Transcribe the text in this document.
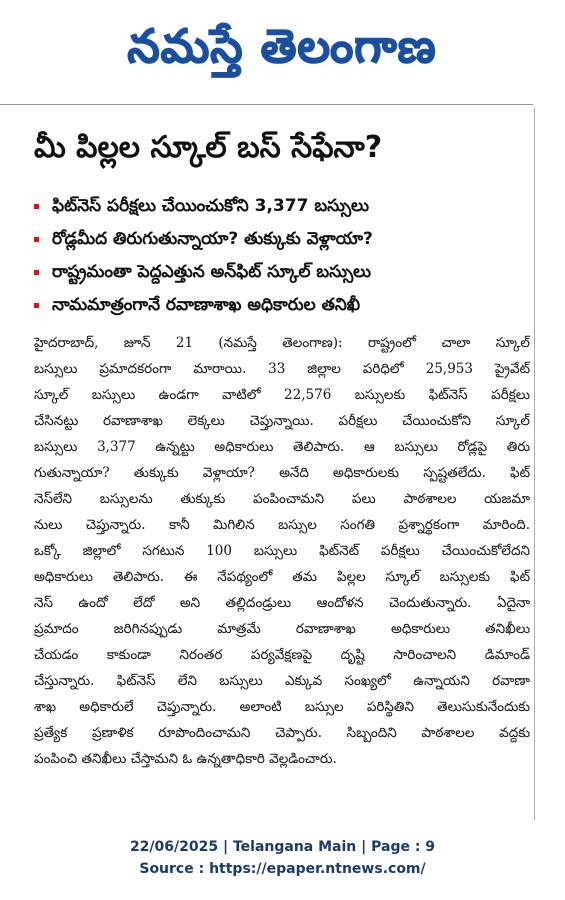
నమస్తే తెలంగాణ
మీ పిల్లల స్కూల్ బస్ సేఫేనా?
ఫిట్‌నెస్ పరీక్షలు చేయించుకోని 3,377 బస్సులు
రోడ్లమీద తిరుగుతున్నాయా? తుక్కుకు వెళ్లాయా?
రాష్ట్రమంతా పెద్దఎత్తున అన్‌ఫిట్ స్కూల్ బస్సులు
నామమాత్రంగానే రవాణాశాఖ అధికారుల తనిఖీ
హైదరాబాద్, జూన్ 21 (నమస్తే తెలంగాణ): రాష్ట్రంలో చాలా స్కూల్
బస్సులు ప్రమాదకరంగా మారాయి. 33 జిల్లాల పరిధిలో 25,953 ప్రైవేట్
స్కూల్ బస్సులు ఉండగా వాటిలో 22,576 బస్సులకు ఫిట్‌నెస్ పరీక్షలు
చేసినట్టు రవాణాశాఖ లెక్కలు చెప్తున్నాయి. పరీక్షలు చేయించుకోని స్కూల్
బస్సులు 3,377 ఉన్నట్టు అధికారులు తెలిపారు. ఆ బస్సులు రోడ్లపై తిరు
గుతున్నాయా? తుక్కుకు వెళ్లాయా? అనేది అధికారులకు స్పష్టతలేదు. ఫిట్
నెస్‌లేని బస్సులను తుక్కుకు పంపించామని పలు పాఠశాలల యజమా
నులు చెప్తున్నారు. కానీ మిగిలిన బస్సుల సంగతి ప్రశ్నార్థకంగా మారింది.
ఒక్కో జిల్లాలో సగటున 100 బస్సులు ఫిట్‌నెట్ పరీక్షలు చేయించుకోలేదని
అధికారులు తెలిపారు. ఈ నేపథ్యంలో తమ పిల్లల స్కూల్ బస్సులకు ఫిట్
నెస్ ఉందో లేదో అని తల్లిదండ్రులు ఆందోళన చెందుతున్నారు. ఏదైనా
ప్రమాదం జరిగినప్పుడు మాత్రమే రవాణాశాఖ అధికారులు తనిఖీలు
చేయడం కాకుండా నిరంతర పర్యవేక్షణపై దృష్టి సారించాలని డిమాండ్
చేస్తున్నారు. ఫిట్‌నెస్ లేని బస్సులు ఎక్కువ సంఖ్యలో ఉన్నాయని రవాణా
శాఖ అధికారులే చెప్తున్నారు. అలాంటి బస్సుల పరిస్థితిని తెలుసుకునేందుకు
ప్రత్యేక ప్రణాళిక రూపొందించామని చెప్పారు. సిబ్బందిని పాఠశాలల వద్దకు
పంపించి తనిఖీలు చేస్తామని ఓ ఉన్నతాధికారి వెల్లడించారు.
22/06/2025 | Telangana Main | Page : 9
Source : https://epaper.ntnews.com/
